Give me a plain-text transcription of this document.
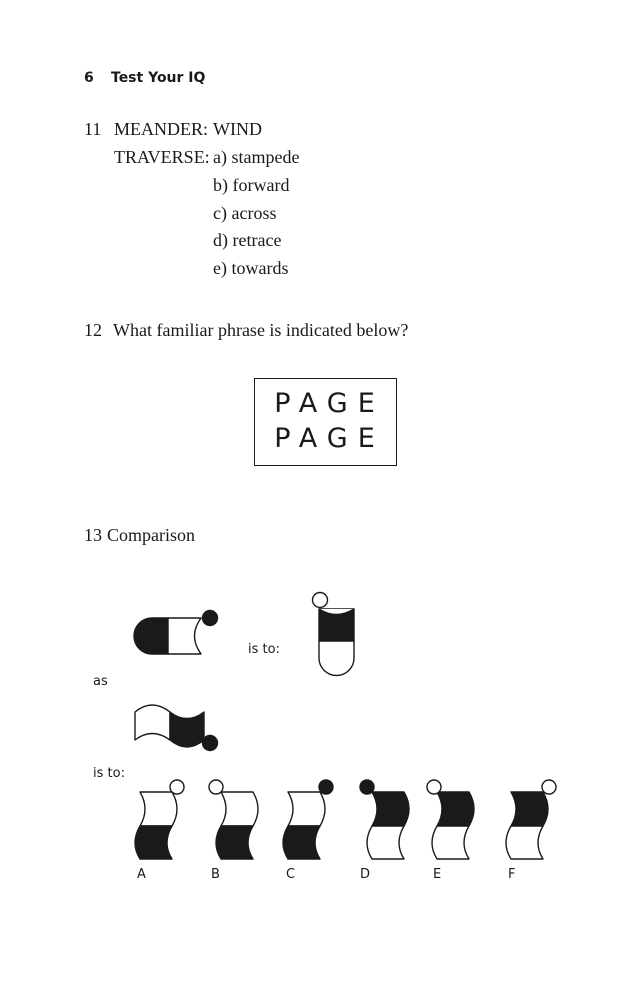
6 Test Your IQ
11 MEANDER: WIND
TRAVERSE: a) stampede
b) forward
c) across
d) retrace
e) towards
12 What familiar phrase is indicated below?
PAGE
PAGE
13 Comparison
is to:
as
is to:
A	B	C	D	E	F
